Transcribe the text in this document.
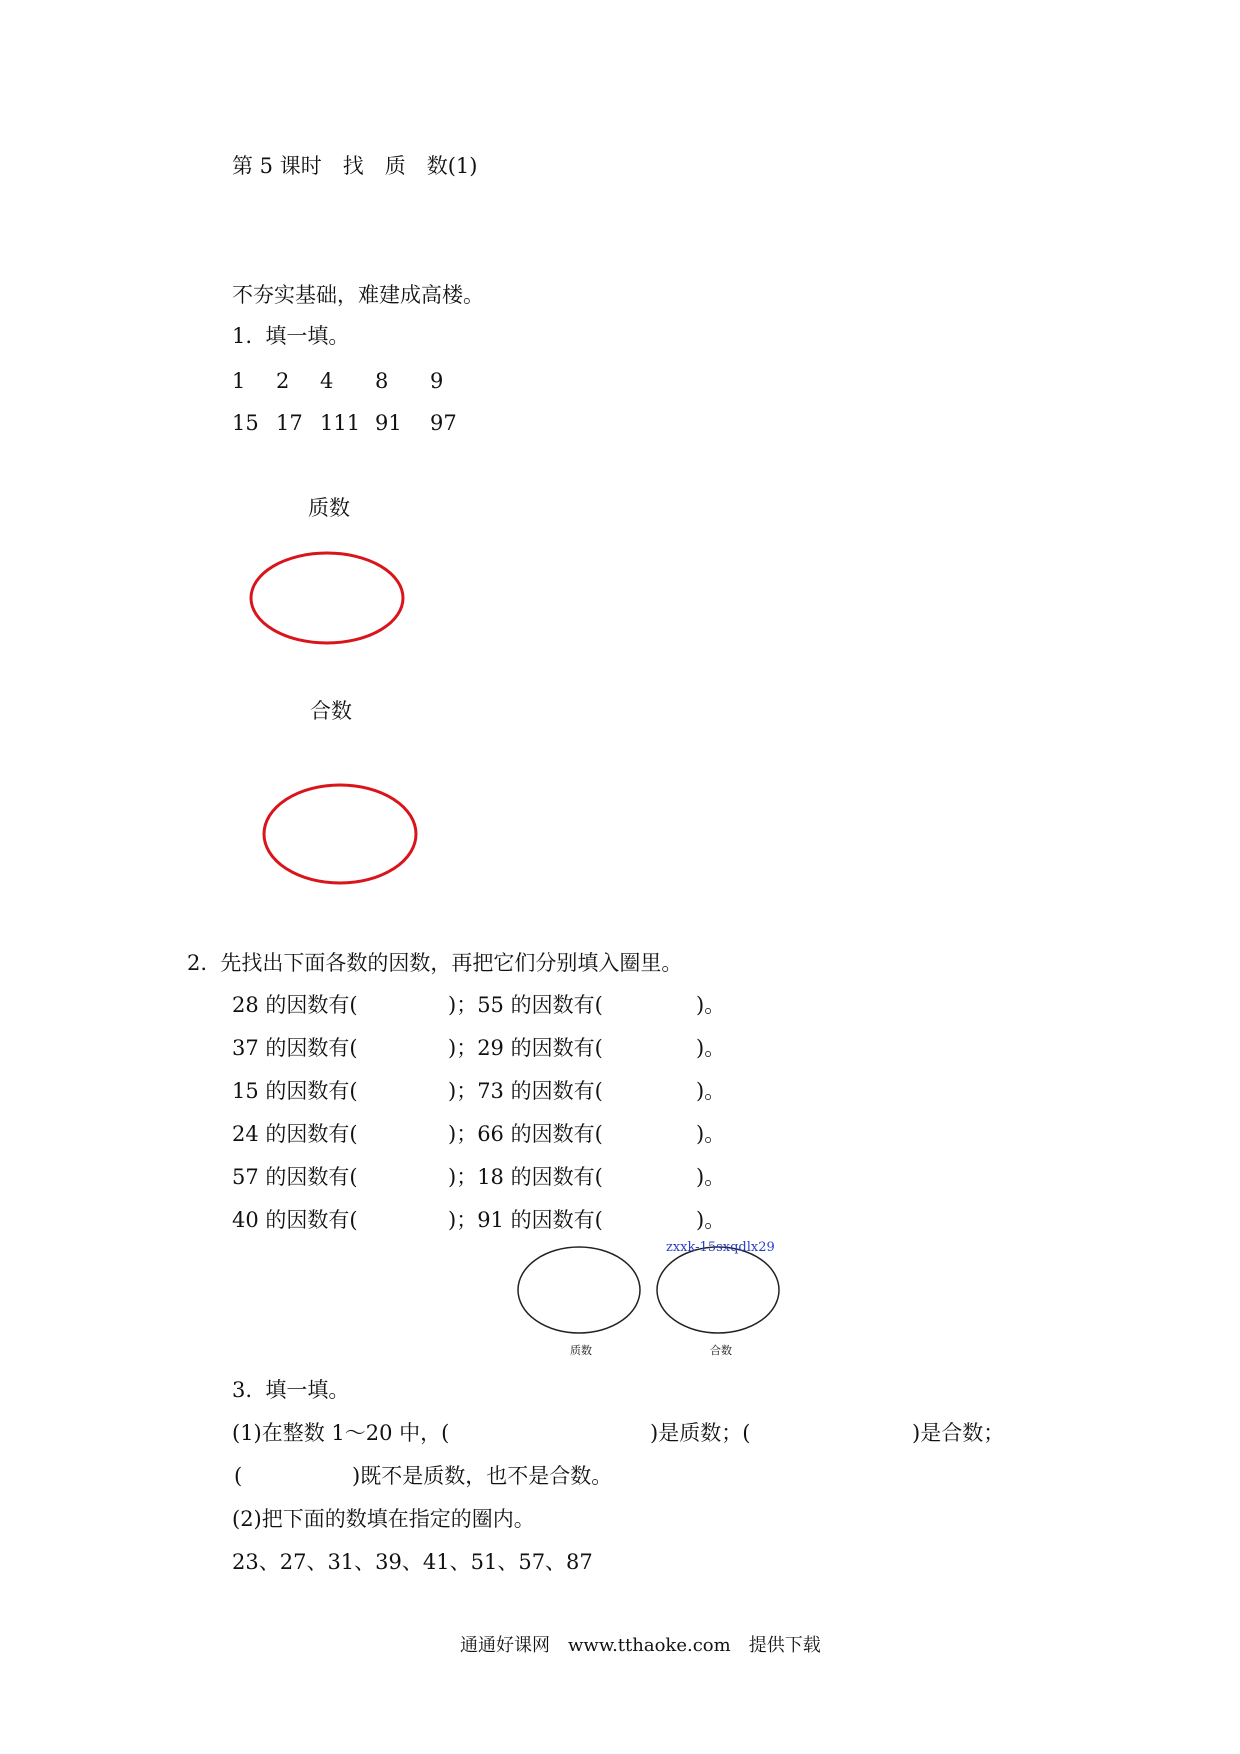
第 5 课时　找　质　数(1)
不夯实基础，难建成高楼。
1.  填一填。
1 2 4 8 9
15 17 111 91 97
质数
合数
2.  先找出下面各数的因数，再把它们分别填入圈里。
28 的因数有(	)；55 的因数有(	)。
37 的因数有(	)；29 的因数有(	)。
15 的因数有(	)；73 的因数有(	)。
24 的因数有(	)；66 的因数有(	)。
57 的因数有(	)；18 的因数有(	)。
40 的因数有(	)；91 的因数有(	)。
zxxk-15sxqdlx29
质数	合数
3.  填一填。
(1)在整数 1～20 中，(	)是质数；(	)是合数；
(	)既不是质数，也不是合数。
(2)把下面的数填在指定的圈内。
23、27、31、39、41、51、57、87
通通好课网　www.tthaoke.com　提供下载
